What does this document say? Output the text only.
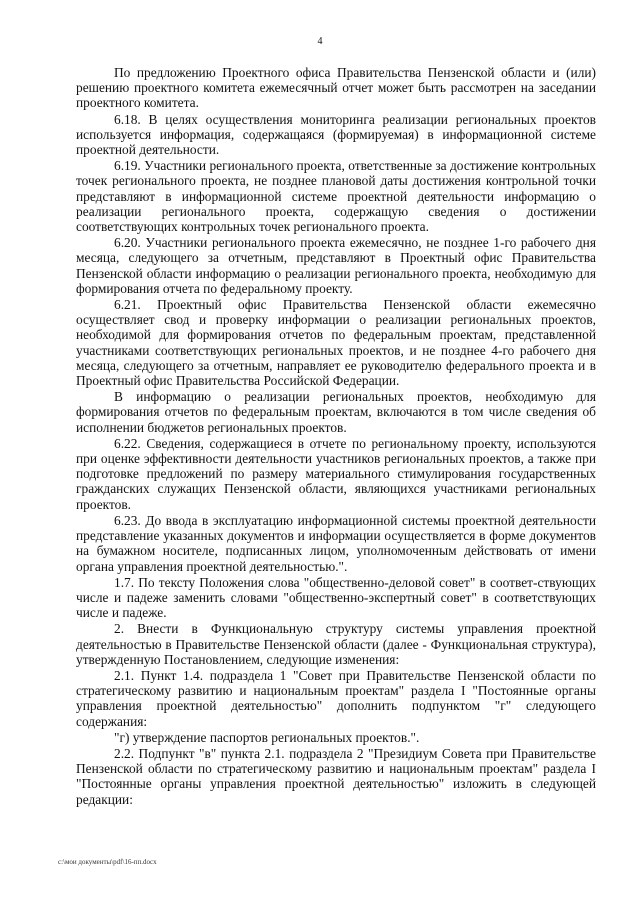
4

По предложению Проектного офиса Правительства Пензенской области и (или) решению проектного комитета ежемесячный отчет может быть рассмотрен на заседании проектного комитета.

6.18. В целях осуществления мониторинга реализации региональных проектов используется информация, содержащаяся (формируемая) в информационной системе проектной деятельности.

6.19. Участники регионального проекта, ответственные за достижение контрольных точек регионального проекта, не позднее плановой даты достижения контрольной точки представляют в информационной системе проектной деятельности информацию о реализации регионального проекта, содержащую сведения о достижении соответствующих контрольных точек регионального проекта.

6.20. Участники регионального проекта ежемесячно, не позднее 1-го рабочего дня месяца, следующего за отчетным, представляют в Проектный офис Правительства Пензенской области информацию о реализации регионального проекта, необходимую для формирования отчета по федеральному проекту.

6.21. Проектный офис Правительства Пензенской области ежемесячно осуществляет свод и проверку информации о реализации региональных проектов, необходимой для формирования отчетов по федеральным проектам, представленной участниками соответствующих региональных проектов, и не позднее 4-го рабочего дня месяца, следующего за отчетным, направляет ее руководителю федерального проекта и в Проектный офис Правительства Российской Федерации.

В информацию о реализации региональных проектов, необходимую для формирования отчетов по федеральным проектам, включаются в том числе сведения об исполнении бюджетов региональных проектов.

6.22. Сведения, содержащиеся в отчете по региональному проекту, используются при оценке эффективности деятельности участников региональных проектов, а также при подготовке предложений по размеру материального стимулирования государственных гражданских служащих Пензенской области, являющихся участниками региональных проектов.

6.23. До ввода в эксплуатацию информационной системы проектной деятельности представление указанных документов и информации осуществляется в форме документов на бумажном носителе, подписанных лицом, уполномоченным действовать от имени органа управления проектной деятельностью.".

1.7. По тексту Положения слова "общественно-деловой совет" в соответ-ствующих числе и падеже заменить словами "общественно-экспертный совет" в соответствующих числе и падеже.

2. Внести в Функциональную структуру системы управления проектной деятельностью в Правительстве Пензенской области (далее - Функциональная структура), утвержденную Постановлением, следующие изменения:

2.1. Пункт 1.4. подраздела 1 "Совет при Правительстве Пензенской области по стратегическому развитию и национальным проектам" раздела I "Постоянные органы управления проектной деятельностью" дополнить подпунктом "г" следующего содержания:

"г) утверждение паспортов региональных проектов.".

2.2. Подпункт "в" пункта 2.1. подраздела 2 "Президиум Совета при Правительстве Пензенской области по стратегическому развитию и национальным проектам" раздела I "Постоянные органы управления проектной деятельностью" изложить в следующей редакции:

c:\мои документы\pdf\16-пп.docx
